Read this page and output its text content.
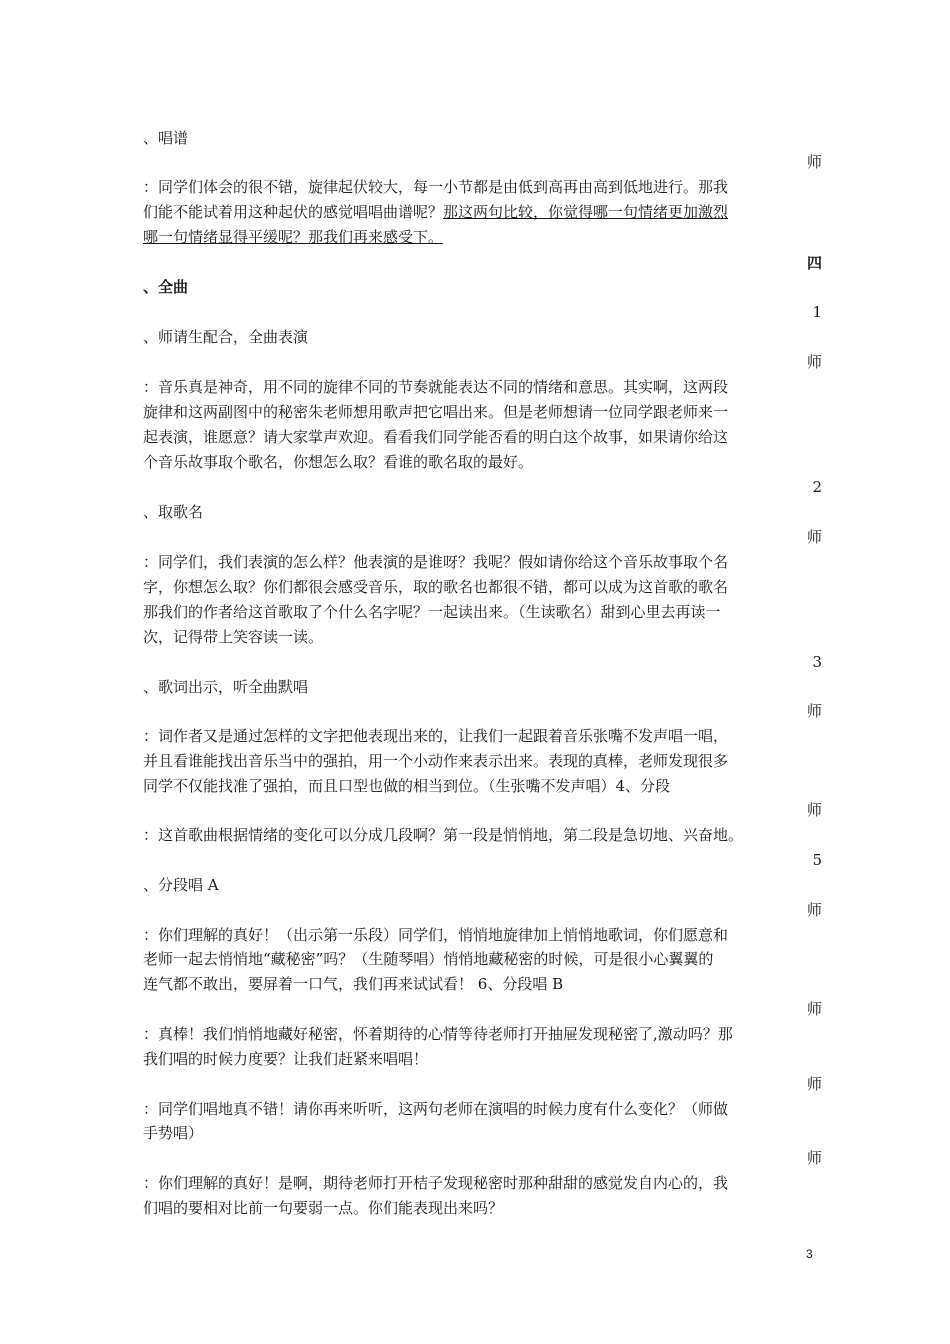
、唱谱
师
：同学们体会的很不错，旋律起伏较大，每一小节都是由低到高再由高到低地进行。那我
们能不能试着用这种起伏的感觉唱唱曲谱呢？那这两句比较，你觉得哪一句情绪更加激烈
哪一句情绪显得平缓呢？那我们再来感受下。
四
、全曲
1
、师请生配合，全曲表演
师
：音乐真是神奇，用不同的旋律不同的节奏就能表达不同的情绪和意思。其实啊，这两段
旋律和这两副图中的秘密朱老师想用歌声把它唱出来。但是老师想请一位同学跟老师来一
起表演，谁愿意？请大家掌声欢迎。看看我们同学能否看的明白这个故事，如果请你给这
个音乐故事取个歌名，你想怎么取？看谁的歌名取的最好。
2
、取歌名
师
：同学们，我们表演的怎么样？他表演的是谁呀？我呢？假如请你给这个音乐故事取个名
字，你想怎么取？你们都很会感受音乐，取的歌名也都很不错，都可以成为这首歌的歌名
那我们的作者给这首歌取了个什么名字呢？一起读出来。（生读歌名）甜到心里去再读一
次，记得带上笑容读一读。
3
、歌词出示，听全曲默唱
师
：词作者又是通过怎样的文字把他表现出来的，让我们一起跟着音乐张嘴不发声唱一唱，
并且看谁能找出音乐当中的强拍，用一个小动作来表示出来。表现的真棒，老师发现很多
同学不仅能找准了强拍，而且口型也做的相当到位。（生张嘴不发声唱）4、分段
师
：这首歌曲根据情绪的变化可以分成几段啊？第一段是悄悄地，第二段是急切地、兴奋地。
5
、分段唱 A
师
：你们理解的真好！（出示第一乐段）同学们，悄悄地旋律加上悄悄地歌词，你们愿意和
老师一起去悄悄地“藏秘密”吗？（生随琴唱）悄悄地藏秘密的时候，可是很小心翼翼的
连气都不敢出，要屏着一口气，我们再来试试看！ 6、分段唱 B
师
：真棒！我们悄悄地藏好秘密，怀着期待的心情等待老师打开抽屉发现秘密了,激动吗？那
我们唱的时候力度要？让我们赶紧来唱唱！
师
：同学们唱地真不错！请你再来听听，这两句老师在演唱的时候力度有什么变化？（师做
手势唱）
师
：你们理解的真好！是啊，期待老师打开桔子发现秘密时那种甜甜的感觉发自内心的，我
们唱的要相对比前一句要弱一点。你们能表现出来吗？
3
